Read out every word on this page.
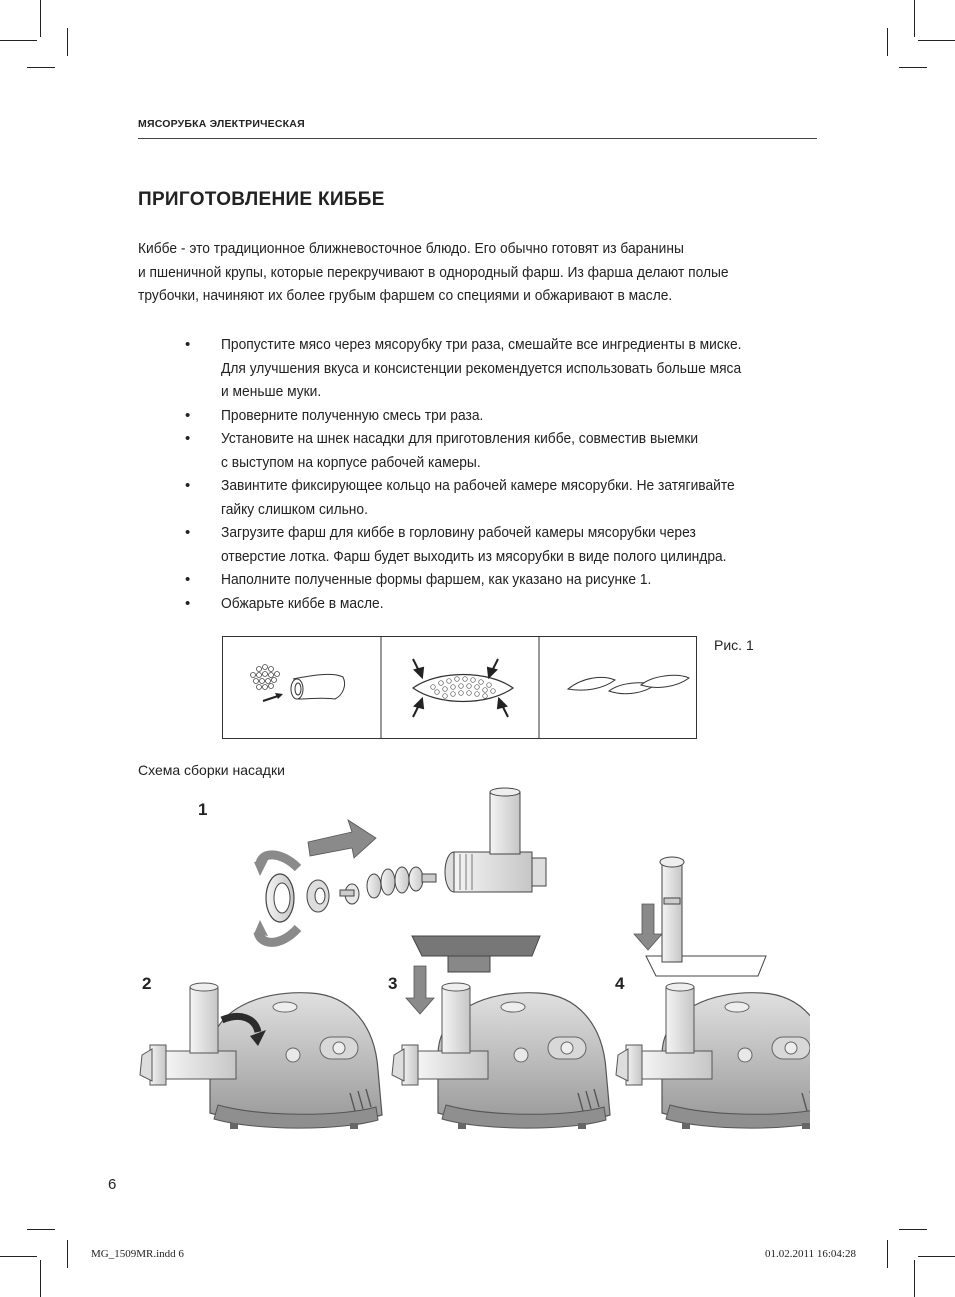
МЯСОРУБКА ЭЛЕКТРИЧЕСКАЯ
ПРИГОТОВЛЕНИЕ КИББЕ

Киббе - это традиционное ближневосточное блюдо. Его обычно готовят из баранины

и пшеничной крупы, которые перекручивают в однородный фарш. Из фарша делают полые

трубочки, начиняют их более грубым фаршем со специями и обжаривают в масле.

• Пропустите мясо через мясорубку три раза, смешайте все ингредиенты в миске.
Для улучшения вкуса и консистенции рекомендуется использовать больше мяса
и меньше муки.
• Проверните полученную смесь три раза.
• Установите на шнек насадки для приготовления киббе, совместив выемки
с выступом на корпусе рабочей камеры.
• Завинтите фиксирующее кольцо на рабочей камере мясорубки. Не затягивайте
гайку слишком сильно.
• Загрузите фарш для киббе в горловину рабочей камеры мясорубки через
отверстие лотка. Фарш будет выходить из мясорубки в виде полого цилиндра.
• Наполните полученные формы фаршем, как указано на рисунке 1.
• Обжарьте киббе в масле.
Рис. 1
Схема сборки насадки
1
2	3	4
6
MG_1509MR.indd 6	01.02.2011 16:04:28
